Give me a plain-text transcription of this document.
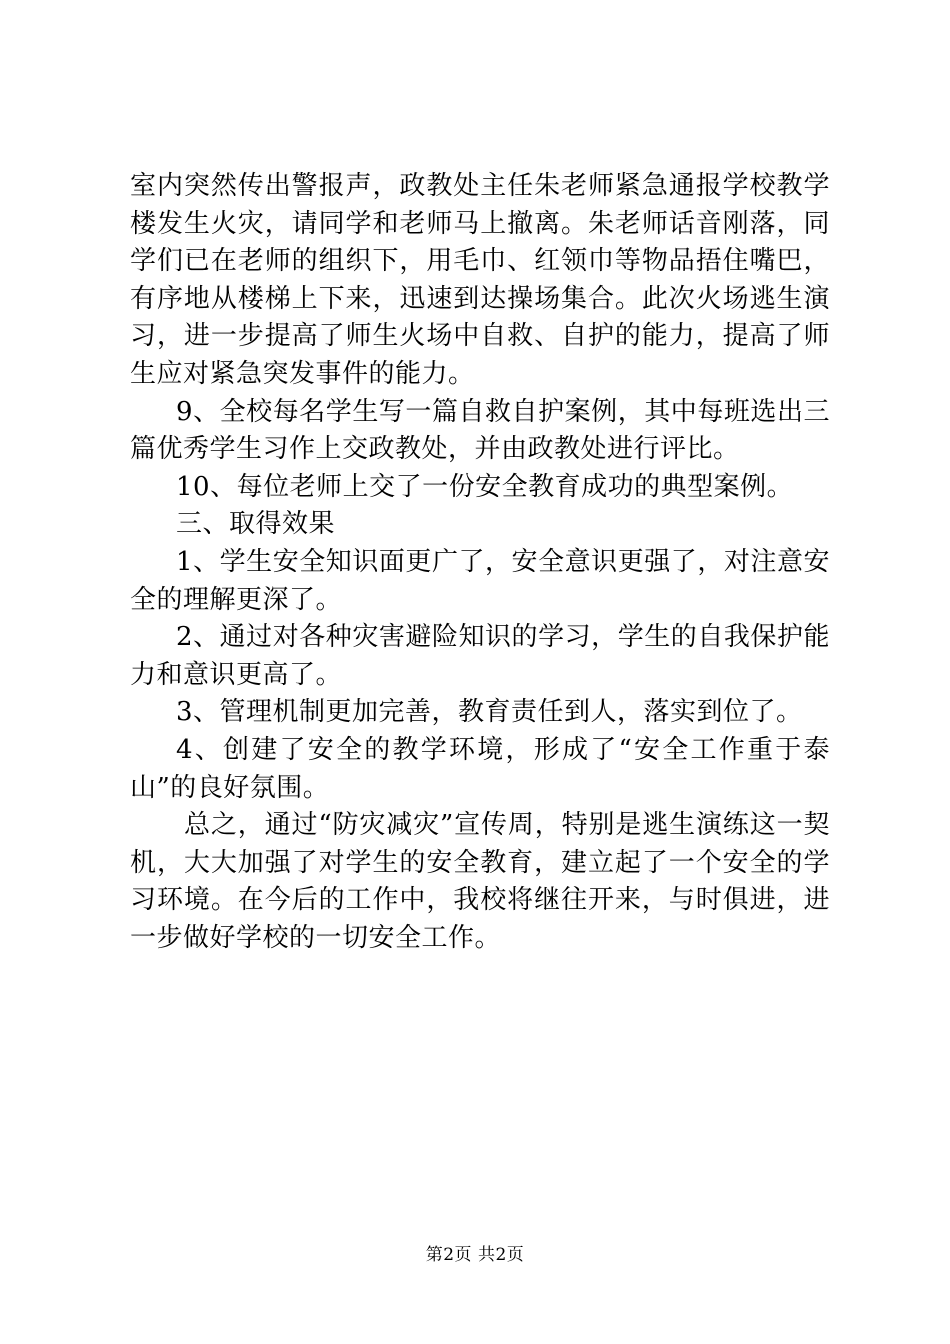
室内突然传出警报声，政教处主任朱老师紧急通报学校教学楼发生火灾，请同学和老师马上撤离。朱老师话音刚落，同学们已在老师的组织下，用毛巾、红领巾等物品捂住嘴巴，有序地从楼梯上下来，迅速到达操场集合。此次火场逃生演习，进一步提高了师生火场中自救、自护的能力，提高了师生应对紧急突发事件的能力。

9、全校每名学生写一篇自救自护案例，其中每班选出三篇优秀学生习作上交政教处，并由政教处进行评比。

10、每位老师上交了一份安全教育成功的典型案例。

三、取得效果

1、学生安全知识面更广了，安全意识更强了，对注意安全的理解更深了。

2、通过对各种灾害避险知识的学习，学生的自我保护能力和意识更高了。

3、管理机制更加完善，教育责任到人，落实到位了。

4、创建了安全的教学环境，形成了“安全工作重于泰山”的良好氛围。

总之，通过“防灾减灾”宣传周，特别是逃生演练这一契机，大大加强了对学生的安全教育，建立起了一个安全的学习环境。在今后的工作中，我校将继往开来，与时俱进，进一步做好学校的一切安全工作。

第2页 共2页
